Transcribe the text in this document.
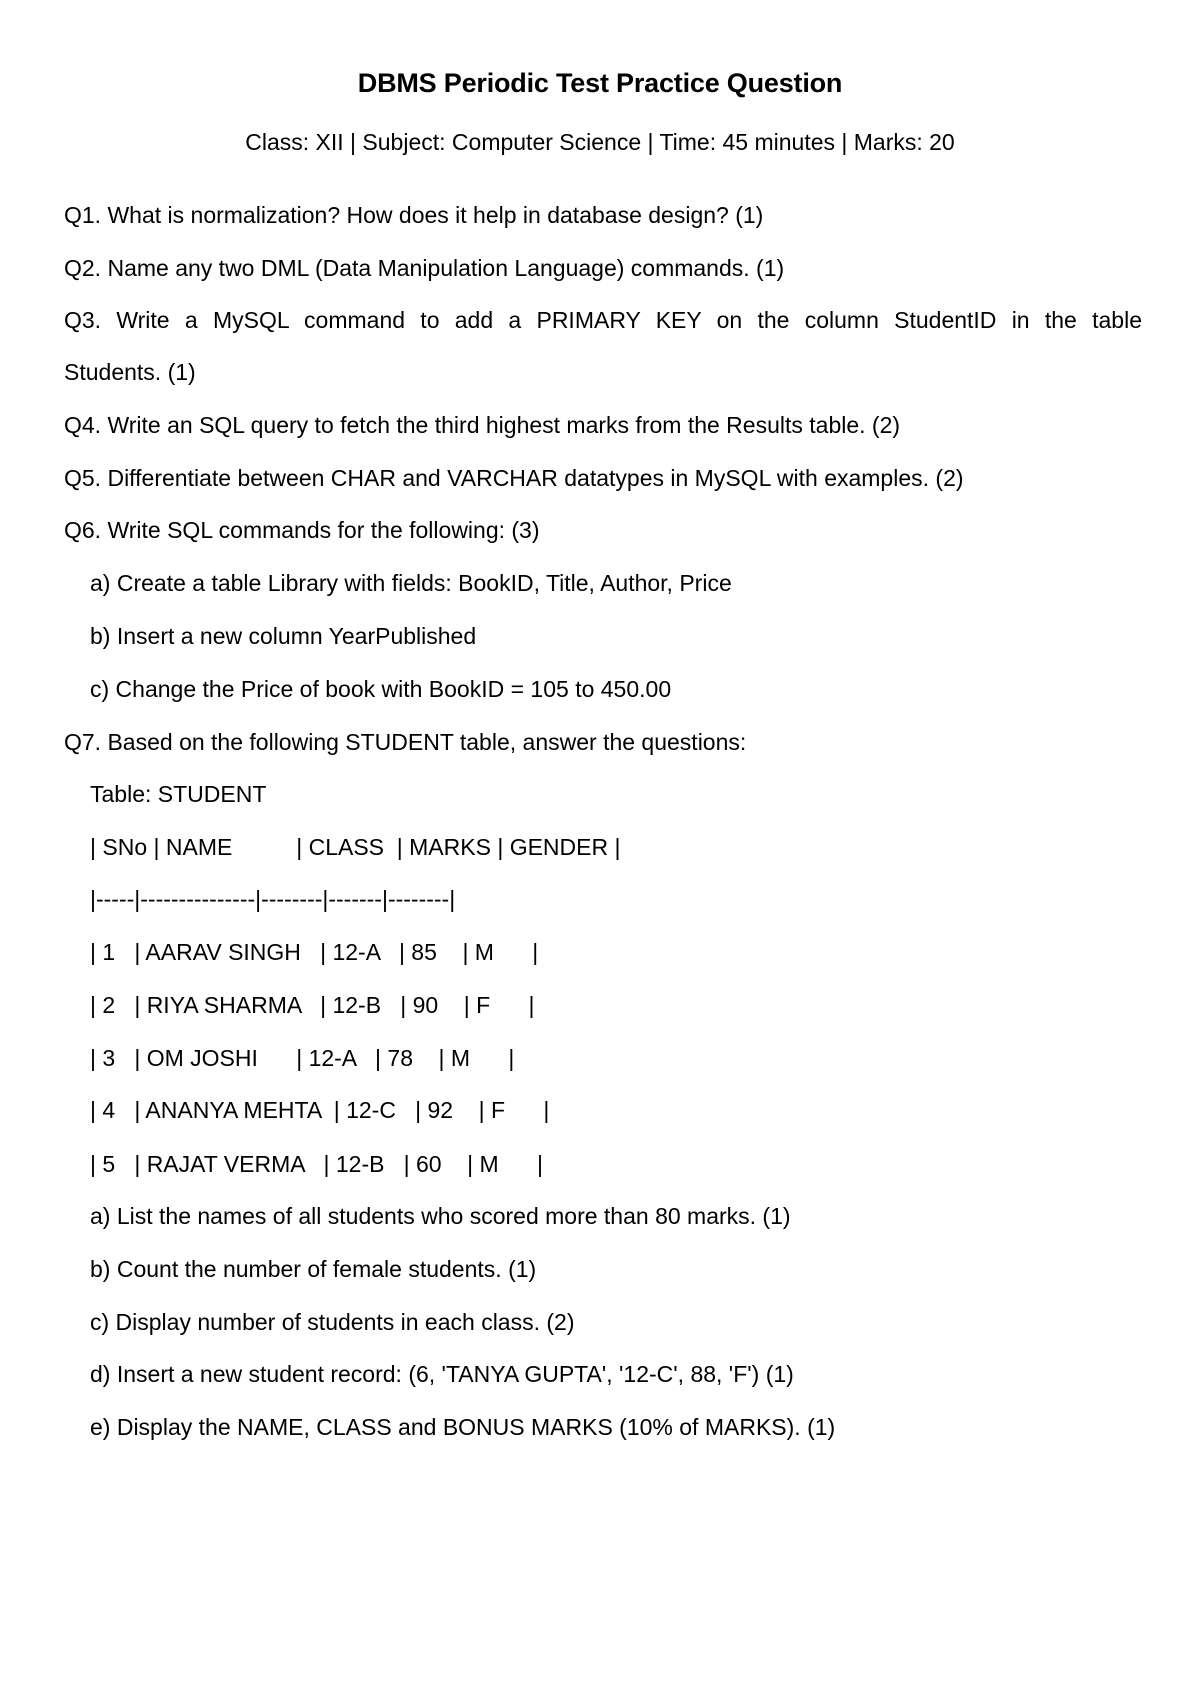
DBMS Periodic Test Practice Question
Class: XII | Subject: Computer Science | Time: 45 minutes | Marks: 20
Q1. What is normalization? How does it help in database design? (1)
Q2. Name any two DML (Data Manipulation Language) commands. (1)
Q3. Write a MySQL command to add a PRIMARY KEY on the column StudentID in the table
Students. (1)
Q4. Write an SQL query to fetch the third highest marks from the Results table. (2)
Q5. Differentiate between CHAR and VARCHAR datatypes in MySQL with examples. (2)
Q6. Write SQL commands for the following: (3)
a) Create a table Library with fields: BookID, Title, Author, Price
b) Insert a new column YearPublished
c) Change the Price of book with BookID = 105 to 450.00
Q7. Based on the following STUDENT table, answer the questions:
Table: STUDENT
| SNo | NAME          | CLASS  | MARKS | GENDER |
|-----|---------------|--------|-------|--------|
| 1   | AARAV SINGH   | 12-A   | 85    | M      |
| 2   | RIYA SHARMA   | 12-B   | 90    | F      |
| 3   | OM JOSHI      | 12-A   | 78    | M      |
| 4   | ANANYA MEHTA  | 12-C   | 92    | F      |
| 5   | RAJAT VERMA   | 12-B   | 60    | M      |
a) List the names of all students who scored more than 80 marks. (1)
b) Count the number of female students. (1)
c) Display number of students in each class. (2)
d) Insert a new student record: (6, 'TANYA GUPTA', '12-C', 88, 'F') (1)
e) Display the NAME, CLASS and BONUS MARKS (10% of MARKS). (1)
